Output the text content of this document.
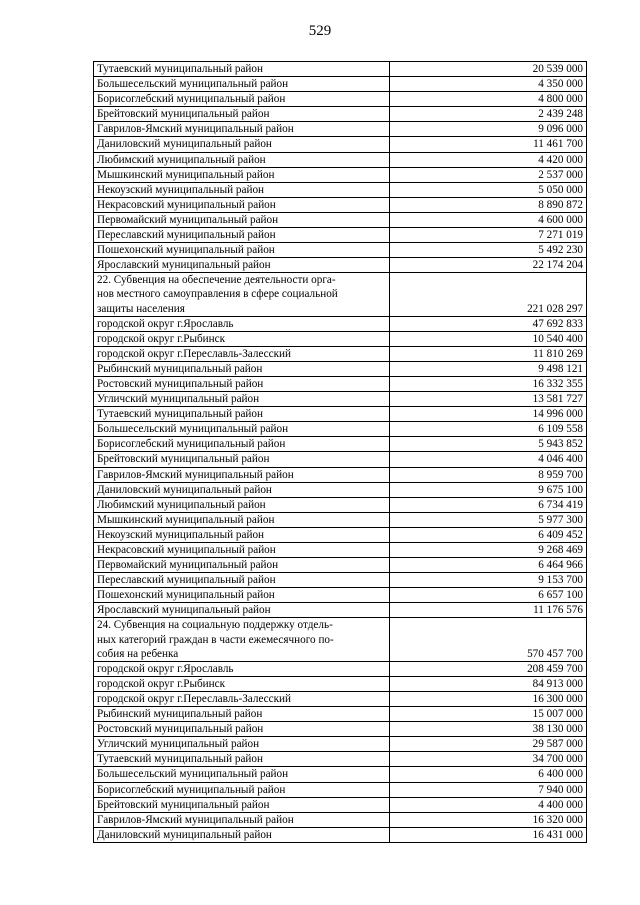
529
Тутаевский муниципальный район	20 539 000
Большесельский муниципальный район	4 350 000
Борисоглебский муниципальный район	4 800 000
Брейтовский муниципальный район	2 439 248
Гаврилов-Ямский муниципальный район	9 096 000
Даниловский муниципальный район	11 461 700
Любимский муниципальный район	4 420 000
Мышкинский муниципальный район	2 537 000
Некоузский муниципальный район	5 050 000
Некрасовский муниципальный район	8 890 872
Первомайский муниципальный район	4 600 000
Переславский муниципальный район	7 271 019
Пошехонский муниципальный район	5 492 230
Ярославский муниципальный район	22 174 204

22. Субвенция на обеспечение деятельности орга-
нов местного самоуправления в сфере социальной
защиты населения	221 028 297
городской округ г.Ярославль	47 692 833
городской округ г.Рыбинск	10 540 400
городской округ г.Переславль-Залесский	11 810 269
Рыбинский муниципальный район	9 498 121
Ростовский муниципальный район	16 332 355
Угличский муниципальный район	13 581 727
Тутаевский муниципальный район	14 996 000
Большесельский муниципальный район	6 109 558
Борисоглебский муниципальный район	5 943 852
Брейтовский муниципальный район	4 046 400
Гаврилов-Ямский муниципальный район	8 959 700
Даниловский муниципальный район	9 675 100
Любимский муниципальный район	6 734 419
Мышкинский муниципальный район	5 977 300
Некоузский муниципальный район	6 409 452
Некрасовский муниципальный район	9 268 469
Первомайский муниципальный район	6 464 966
Переславский муниципальный район	9 153 700
Пошехонский муниципальный район	6 657 100
Ярославский муниципальный район	11 176 576

24. Субвенция на социальную поддержку отдель-
ных категорий граждан в части ежемесячного по-
собия на ребенка	570 457 700
городской округ г.Ярославль	208 459 700
городской округ г.Рыбинск	84 913 000
городской округ г.Переславль-Залесский	16 300 000
Рыбинский муниципальный район	15 007 000
Ростовский муниципальный район	38 130 000
Угличский муниципальный район	29 587 000
Тутаевский муниципальный район	34 700 000
Большесельский муниципальный район	6 400 000
Борисоглебский муниципальный район	7 940 000
Брейтовский муниципальный район	4 400 000
Гаврилов-Ямский муниципальный район	16 320 000
Даниловский муниципальный район	16 431 000
